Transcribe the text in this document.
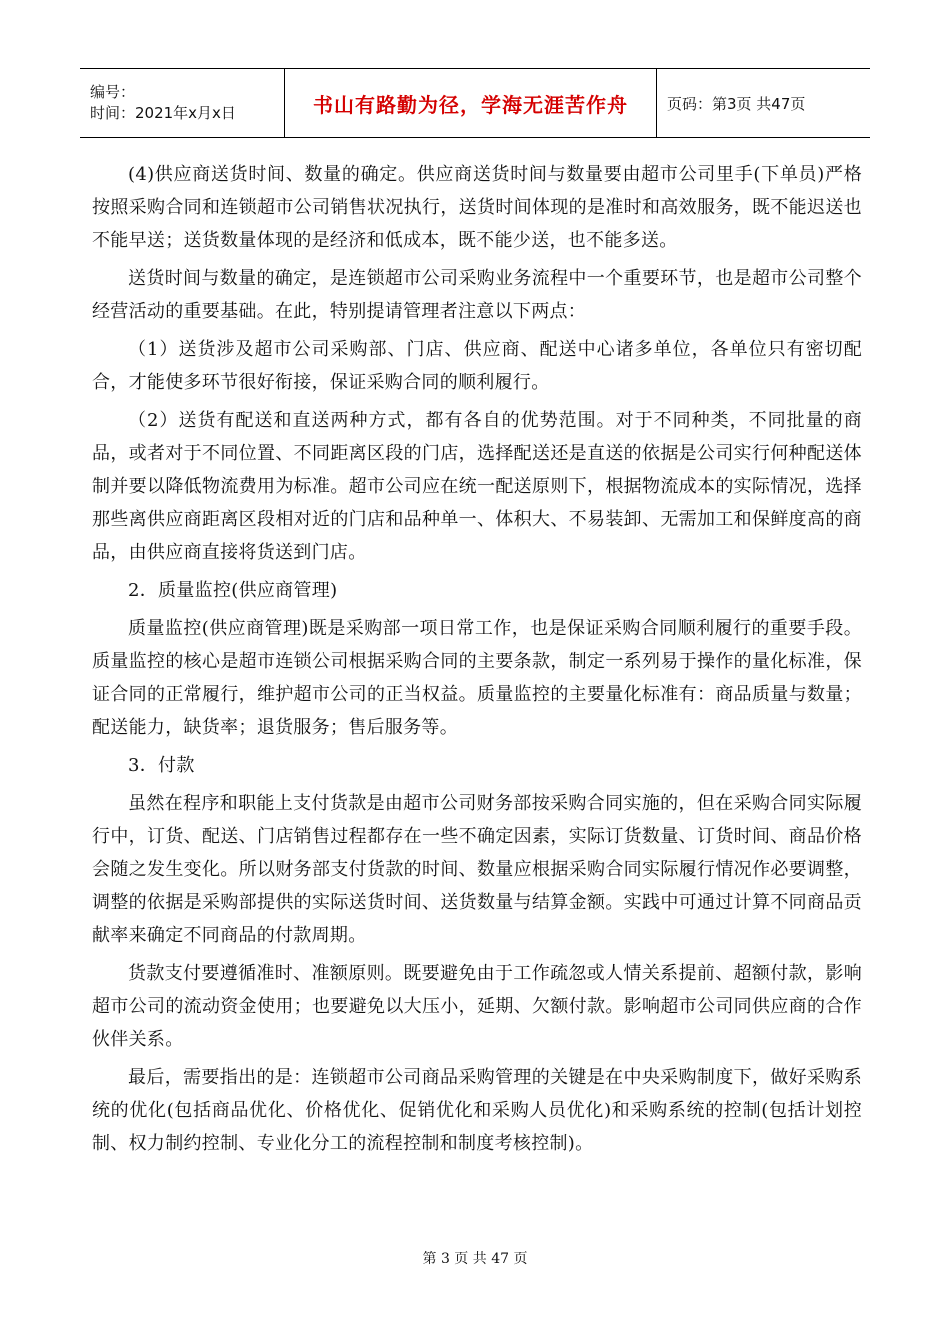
编号：
时间：2021年x月x日	书山有路勤为径，学海无涯苦作舟	页码：第3页 共47页

(4)供应商送货时间、数量的确定。供应商送货时间与数量要由超市公司里手(下单员)严格按照采购合同和连锁超市公司销售状况执行，送货时间体现的是准时和高效服务，既不能迟送也不能早送；送货数量体现的是经济和低成本，既不能少送，也不能多送。

送货时间与数量的确定，是连锁超市公司采购业务流程中一个重要环节，也是超市公司整个经营活动的重要基础。在此，特别提请管理者注意以下两点：

（1）送货涉及超市公司采购部、门店、供应商、配送中心诸多单位，各单位只有密切配合，才能使多环节很好衔接，保证采购合同的顺利履行。

（2）送货有配送和直送两种方式，都有各自的优势范围。对于不同种类，不同批量的商品，或者对于不同位置、不同距离区段的门店，选择配送还是直送的依据是公司实行何种配送体制并要以降低物流费用为标准。超市公司应在统一配送原则下，根据物流成本的实际情况，选择那些离供应商距离区段相对近的门店和品种单一、体积大、不易装卸、无需加工和保鲜度高的商品，由供应商直接将货送到门店。

2．质量监控(供应商管理)

质量监控(供应商管理)既是采购部一项日常工作，也是保证采购合同顺利履行的重要手段。质量监控的核心是超市连锁公司根据采购合同的主要条款，制定一系列易于操作的量化标准，保证合同的正常履行，维护超市公司的正当权益。质量监控的主要量化标准有：商品质量与数量；配送能力，缺货率；退货服务；售后服务等。

3．付款

虽然在程序和职能上支付货款是由超市公司财务部按采购合同实施的，但在采购合同实际履行中，订货、配送、门店销售过程都存在一些不确定因素，实际订货数量、订货时间、商品价格会随之发生变化。所以财务部支付货款的时间、数量应根据采购合同实际履行情况作必要调整，调整的依据是采购部提供的实际送货时间、送货数量与结算金额。实践中可通过计算不同商品贡献率来确定不同商品的付款周期。

货款支付要遵循准时、准额原则。既要避免由于工作疏忽或人情关系提前、超额付款，影响超市公司的流动资金使用；也要避免以大压小，延期、欠额付款。影响超市公司同供应商的合作伙伴关系。

最后，需要指出的是：连锁超市公司商品采购管理的关键是在中央采购制度下，做好采购系统的优化(包括商品优化、价格优化、促销优化和采购人员优化)和采购系统的控制(包括计划控制、权力制约控制、专业化分工的流程控制和制度考核控制)。

第 3 页 共 47 页
